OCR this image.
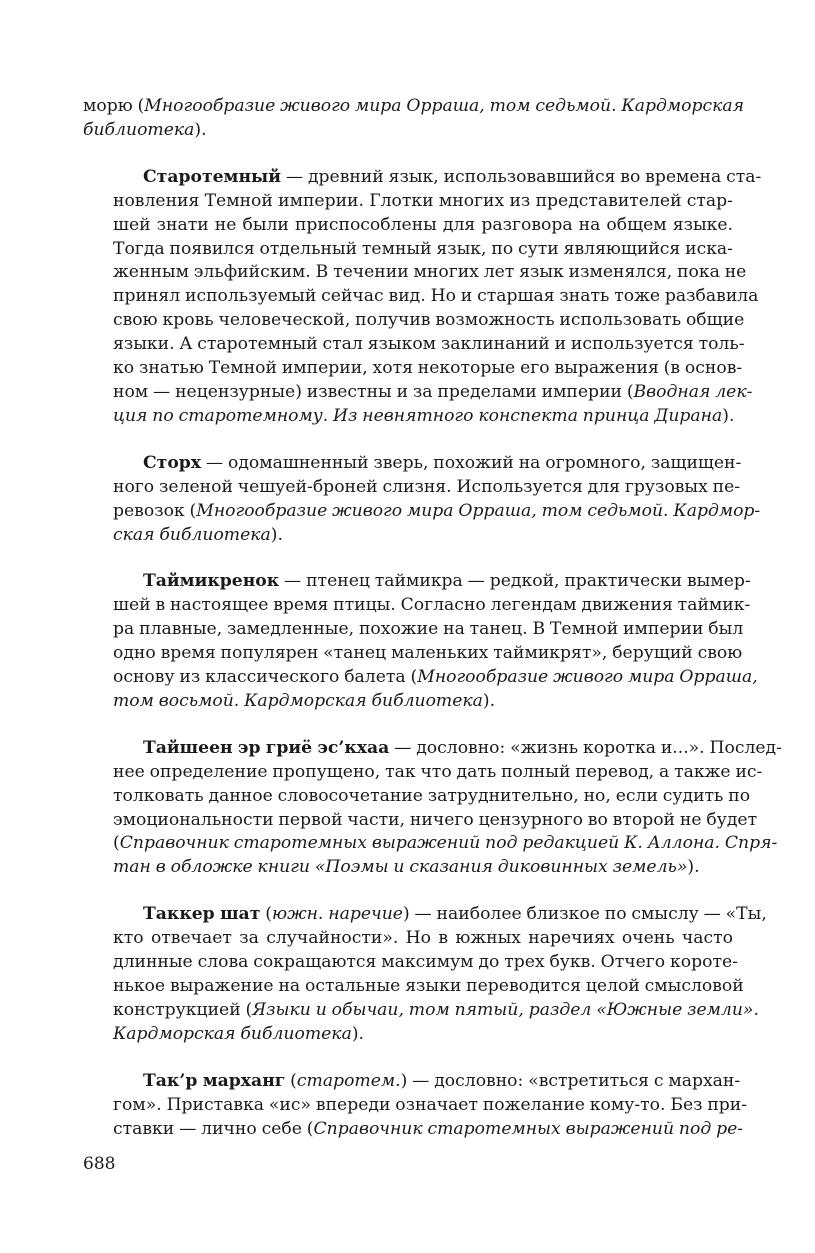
морю (Многообразие живого мира Орраша, том седьмой. Кардморская
библиотека).
Старотемный — древний язык, использовавшийся во времена ста-
новления Темной империи. Глотки многих из представителей стар-
шей знати не были приспособлены для разговора на общем языке.
Тогда появился отдельный темный язык, по сути являющийся иска-
женным эльфийским. В течении многих лет язык изменялся, пока не
принял используемый сейчас вид. Но и старшая знать тоже разбавила
свою кровь человеческой, получив возможность использовать общие
языки. А старотемный стал языком заклинаний и используется толь-
ко знатью Темной империи, хотя некоторые его выражения (в основ-
ном — нецензурные) известны и за пределами империи (Вводная лек-
ция по старотемному. Из невнятного конспекта принца Дирана).
Сторх — одомашненный зверь, похожий на огромного, защищен-
ного зеленой чешуей-броней слизня. Используется для грузовых пе-
ревозок (Многообразие живого мира Орраша, том седьмой. Кардмор-
ская библиотека).
Таймикренок — птенец таймикра — редкой, практически вымер-
шей в настоящее время птицы. Согласно легендам движения таймик-
ра плавные, замедленные, похожие на танец. В Темной империи был
одно время популярен «танец маленьких таймикрят», берущий свою
основу из классического балета (Многообразие живого мира Орраша,
том восьмой. Кардморская библиотека).
Тайшеен эр гриё эс’кхаа — дословно: «жизнь коротка и...». Послед-
нее определение пропущено, так что дать полный перевод, а также ис-
толковать данное словосочетание затруднительно, но, если судить по
эмоциональности первой части, ничего цензурного во второй не будет
(Справочник старотемных выражений под редакцией К. Аллона. Спря-
тан в обложке книги «Поэмы и сказания диковинных земель»).
Таккер шат (южн. наречие) — наиболее близкое по смыслу — «Ты,
кто отвечает за случайности». Но в южных наречиях очень часто
длинные слова сокращаются максимум до трех букв. Отчего короте-
нькое выражение на остальные языки переводится целой смысловой
конструкцией (Языки и обычаи, том пятый, раздел «Южные земли».
Кардморская библиотека).
Так’р марханг (старотем.) — дословно: «встретиться с мархан-
гом». Приставка «ис» впереди означает пожелание кому-то. Без при-
ставки — лично себе (Справочник старотемных выражений под ре-
688
